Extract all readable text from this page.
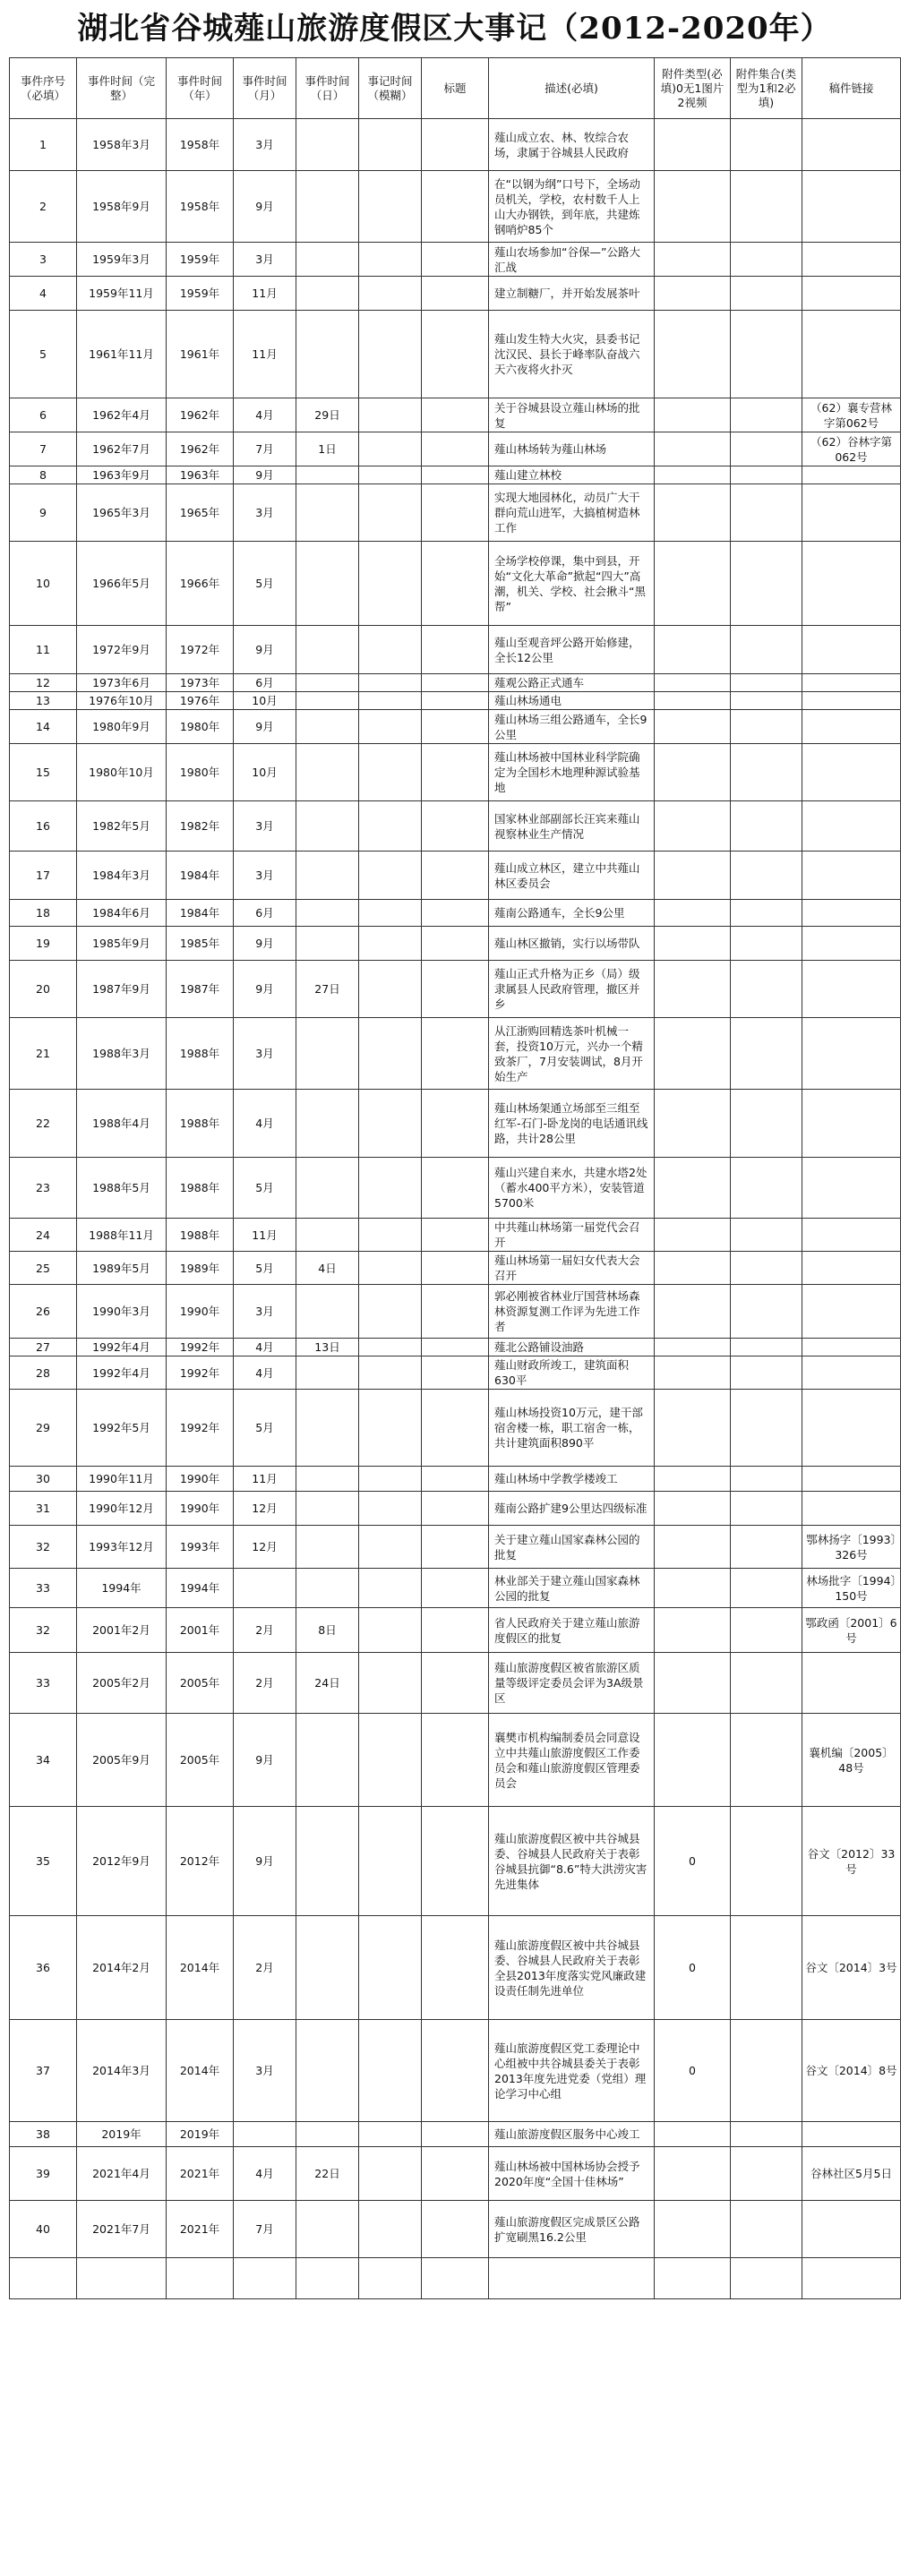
湖北省谷城薤山旅游度假区大事记（2012-2020年）
事件序号（必填）	事件时间（完整）	事件时间（年）	事件时间（月）	事件时间（日）	事记时间（模糊）	标题	描述(必填)	附件类型(必填)0无1图片2视频	附件集合(类型为1和2必填)	稿件链接
1	1958年3月	1958年	3月				薤山成立农、林、牧综合农场，隶属于谷城县人民政府			
2	1958年9月	1958年	9月				在“以钢为纲”口号下，全场动员机关，学校，农村数千人上山大办钢铁，到年底，共建炼钢哨炉85个			
3	1959年3月	1959年	3月				薤山农场参加“谷保—”公路大汇战			
4	1959年11月	1959年	11月				建立制糖厂，并开始发展茶叶			
5	1961年11月	1961年	11月				薤山发生特大火灾，县委书记沈汉民、县长于峰率队奋战六天六夜将火扑灭			
6	1962年4月	1962年	4月	29日			关于谷城县设立薤山林场的批复			（62）襄专营林字第062号
7	1962年7月	1962年	7月	1日			薤山林场转为薤山林场			（62）谷林字第062号
8	1963年9月	1963年	9月				薤山建立林校			
9	1965年3月	1965年	3月				实现大地园林化，动员广大干群向荒山进军，大搞植树造林工作			
10	1966年5月	1966年	5月				全场学校停课，集中到县，开始“文化大革命”掀起“四大”高潮，机关、学校、社会揪斗“黑帮”			
11	1972年9月	1972年	9月				薤山至观音坪公路开始修建，全长12公里			
12	1973年6月	1973年	6月				薤观公路正式通车			
13	1976年10月	1976年	10月				薤山林场通电			
14	1980年9月	1980年	9月				薤山林场三组公路通车，全长9公里			
15	1980年10月	1980年	10月				薤山林场被中国林业科学院确定为全国杉木地理种源试验基地			
16	1982年5月	1982年	3月				国家林业部副部长汪宾来薤山视察林业生产情况			
17	1984年3月	1984年	3月				薤山成立林区，建立中共薤山林区委员会			
18	1984年6月	1984年	6月				薤南公路通车，全长9公里			
19	1985年9月	1985年	9月				薤山林区撤销，实行以场带队			
20	1987年9月	1987年	9月	27日			薤山正式升格为正乡（局）级隶属县人民政府管理，撤区并乡			
21	1988年3月	1988年	3月				从江浙购回精选茶叶机械一套，投资10万元，兴办一个精致茶厂，7月安装调试，8月开始生产			
22	1988年4月	1988年	4月				薤山林场架通立场部至三组至红军-石门-卧龙岗的电话通讯线路，共计28公里			
23	1988年5月	1988年	5月				薤山兴建自来水，共建水塔2处（蓄水400平方米），安装管道5700米			
24	1988年11月	1988年	11月				中共薤山林场第一届党代会召开			
25	1989年5月	1989年	5月	4日			薤山林场第一届妇女代表大会召开			
26	1990年3月	1990年	3月				郭必刚被省林业厅国营林场森林资源复测工作评为先进工作者			
27	1992年4月	1992年	4月	13日			薤北公路铺设油路			
28	1992年4月	1992年	4月				薤山财政所竣工，建筑面积630平			
29	1992年5月	1992年	5月				薤山林场投资10万元，建干部宿舍楼一栋，职工宿舍一栋，共计建筑面积890平			
30	1990年11月	1990年	11月				薤山林场中学教学楼竣工			
31	1990年12月	1990年	12月				薤南公路扩建9公里达四级标准			
32	1993年12月	1993年	12月				关于建立薤山国家森林公园的批复			鄂林扬字〔1993〕326号
33	1994年	1994年					林业部关于建立薤山国家森林公园的批复			林场批字〔1994〕150号
32	2001年2月	2001年	2月	8日			省人民政府关于建立薤山旅游度假区的批复			鄂政函〔2001〕6号
33	2005年2月	2005年	2月	24日			薤山旅游度假区被省旅游区质量等级评定委员会评为3A级景区			
34	2005年9月	2005年	9月				襄樊市机构编制委员会同意设立中共薤山旅游度假区工作委员会和薤山旅游度假区管理委员会			襄机编〔2005〕48号
35	2012年9月	2012年	9月				薤山旅游度假区被中共谷城县委、谷城县人民政府关于表彰谷城县抗御“8.6”特大洪涝灾害先进集体	0		谷文〔2012〕33号
36	2014年2月	2014年	2月				薤山旅游度假区被中共谷城县委、谷城县人民政府关于表彰全县2013年度落实党风廉政建设责任制先进单位	0		谷文〔2014〕3号
37	2014年3月	2014年	3月				薤山旅游度假区党工委理论中心组被中共谷城县委关于表彰2013年度先进党委（党组）理论学习中心组	0		谷文〔2014〕8号
38	2019年	2019年					薤山旅游度假区服务中心竣工			
39	2021年4月	2021年	4月	22日			薤山林场被中国林场协会授予2020年度“全国十佳林场”			谷林社区5月5日
40	2021年7月	2021年	7月				薤山旅游度假区完成景区公路扩宽刷黑16.2公里			
